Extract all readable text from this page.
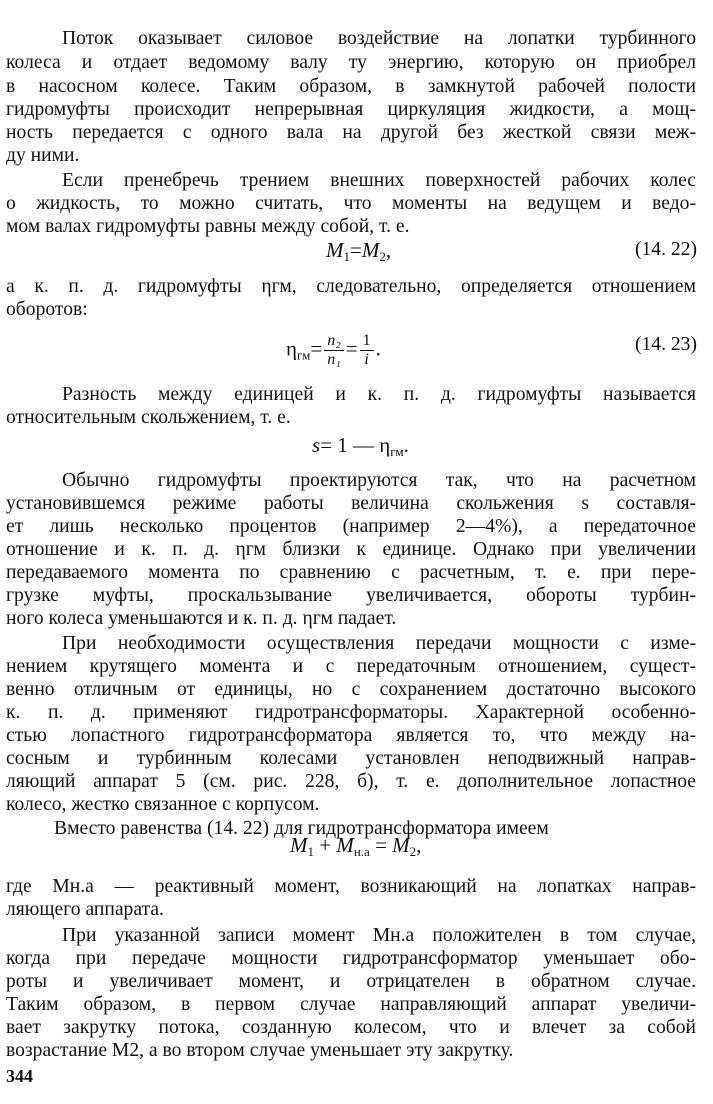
Поток оказывает силовое воздействие на лопатки турбинного
колеса и отдает ведомому валу ту энергию, которую он приобрел
в насосном колесе. Таким образом, в замкнутой рабочей полости
гидромуфты происходит непрерывная циркуляция жидкости, а мощ-
ность передается с одного вала на другой без жесткой связи меж-
ду ними.
Если пренебречь трением внешних поверхностей рабочих колес
о жидкость, то можно считать, что моменты на ведущем и ведо-
мом валах гидромуфты равны между собой, т. е.
$M_1=M_2$,	(14. 22)
а к. п. д. гидромуфты ηгм, следовательно, определяется отношением
оборотов:
$\eta_{гм}= \frac{\text{n₂}}{\text{n₁}} = \frac{1}{i}$ .	(14. 23)
Разность между единицей и к. п. д. гидромуфты называется
относительным скольжением, т. е.
s= 1 — $\eta_{гм}$.
Обычно гидромуфты проектируются так, что на расчетном
установившемся режиме работы величина скольжения s составля-
ет лишь несколько процентов (например 2—4%), а передаточное
отношение и к. п. д. ηгм близки к единице. Однако при увеличении
передаваемого момента по сравнению с расчетным, т. е. при пере-
грузке муфты, проскальзывание увеличивается, обороты турбин-
ного колеса уменьшаются и к. п. д. ηгм падает.
При необходимости осуществления передачи мощности с изме-
нением крутящего момента и с передаточным отношением, сущест-
венно отличным от единицы, но с сохранением достаточно высокого
к. п. д. применяют гидротрансформаторы. Характерной особенно-
стью лопастного гидротрансформатора является то, что между на-
сосным и турбинным колесами установлен неподвижный направ-
ляющий аппарат 5 (см. рис. 228, б), т. е. дополнительное лопастное
колесо, жестко связанное с корпусом.
Вместо равенства (14. 22) для гидротрансформатора имеем
$M_1 + M_{н.а} = M_2$,
где Mн.а — реактивный момент, возникающий на лопатках направ-
ляющего аппарата.
При указанной записи момент Mн.а положителен в том случае,
когда при передаче мощности гидротрансформатор уменьшает обо-
роты и увеличивает момент, и отрицателен в обратном случае.
Таким образом, в первом случае направляющий аппарат увеличи-
вает закрутку потока, созданную колесом, что и влечет за собой
возрастание M2, а во втором случае уменьшает эту закрутку.
344
